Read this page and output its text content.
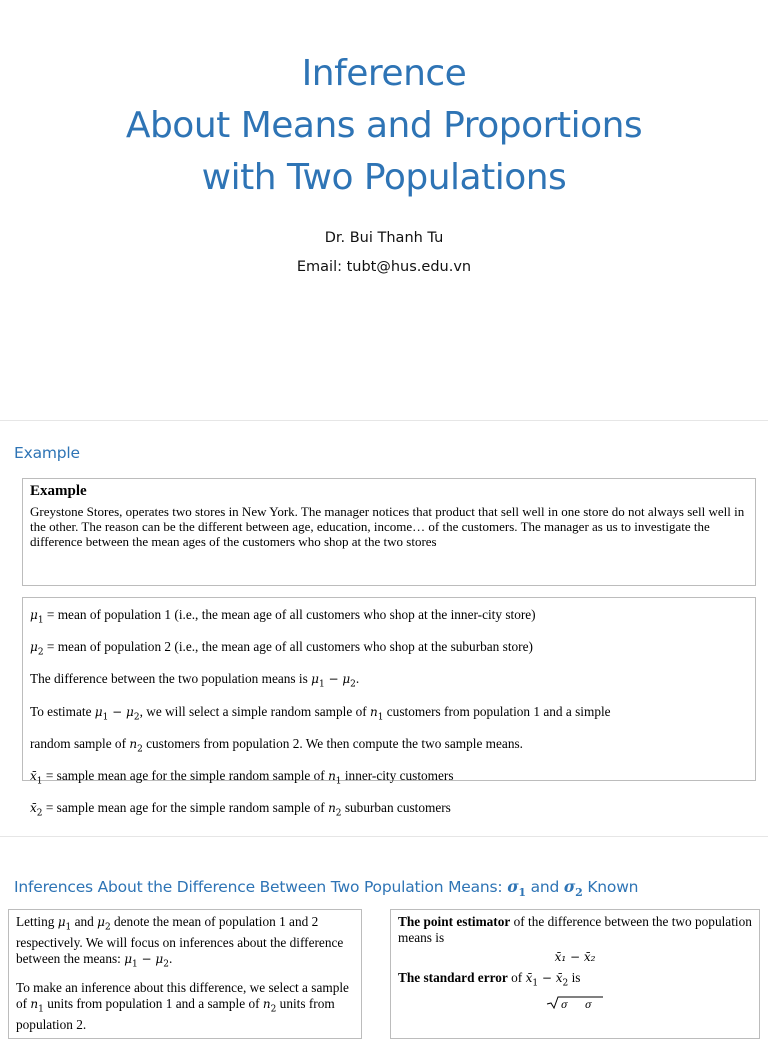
Inference
About Means and Proportions
with Two Populations
Dr. Bui Thanh Tu
Email: tubt@hus.edu.vn
Example
Example
Greystone Stores, operates two stores in New York. The manager notices that product that sell well in one store do not always sell well in the other. The reason can be the different between age, education, income… of the customers. The manager as us to investigate the difference between the mean ages of the customers who shop at the two stores
$\mu_1$ = mean of population 1 (i.e., the mean age of all customers who shop at the inner-city store)
$\mu_2$ = mean of population 2 (i.e., the mean age of all customers who shop at the suburban store)
The difference between the two population means is $\mu_1 - \mu_2$.
To estimate $\mu_1 - \mu_2$, we will select a simple random sample of $n_1$ customers from population 1 and a simple
random sample of $n_2$ customers from population 2. We then compute the two sample means.
$x̄_1$ = sample mean age for the simple random sample of $n_1$ inner-city customers
$x̄_2$ = sample mean age for the simple random sample of $n_2$ suburban customers
Inferences About the Difference Between Two Population Means: $\sigma_1$ and $\sigma_2$ Known
Letting $\mu_1$ and $\mu_2$ denote the mean of population 1 and 2 respectively. We will focus on inferences about the difference between the means: $\mu_1 - \mu_2$.
To make an inference about this difference, we select a sample of $n_1$ units from population 1 and a sample of $n_2$ units from population 2.
The point estimator of the difference between the two population means is
x̄₁ − x̄₂
The standard error of $x̄_1$ − $x̄_2$ is
σ σ
